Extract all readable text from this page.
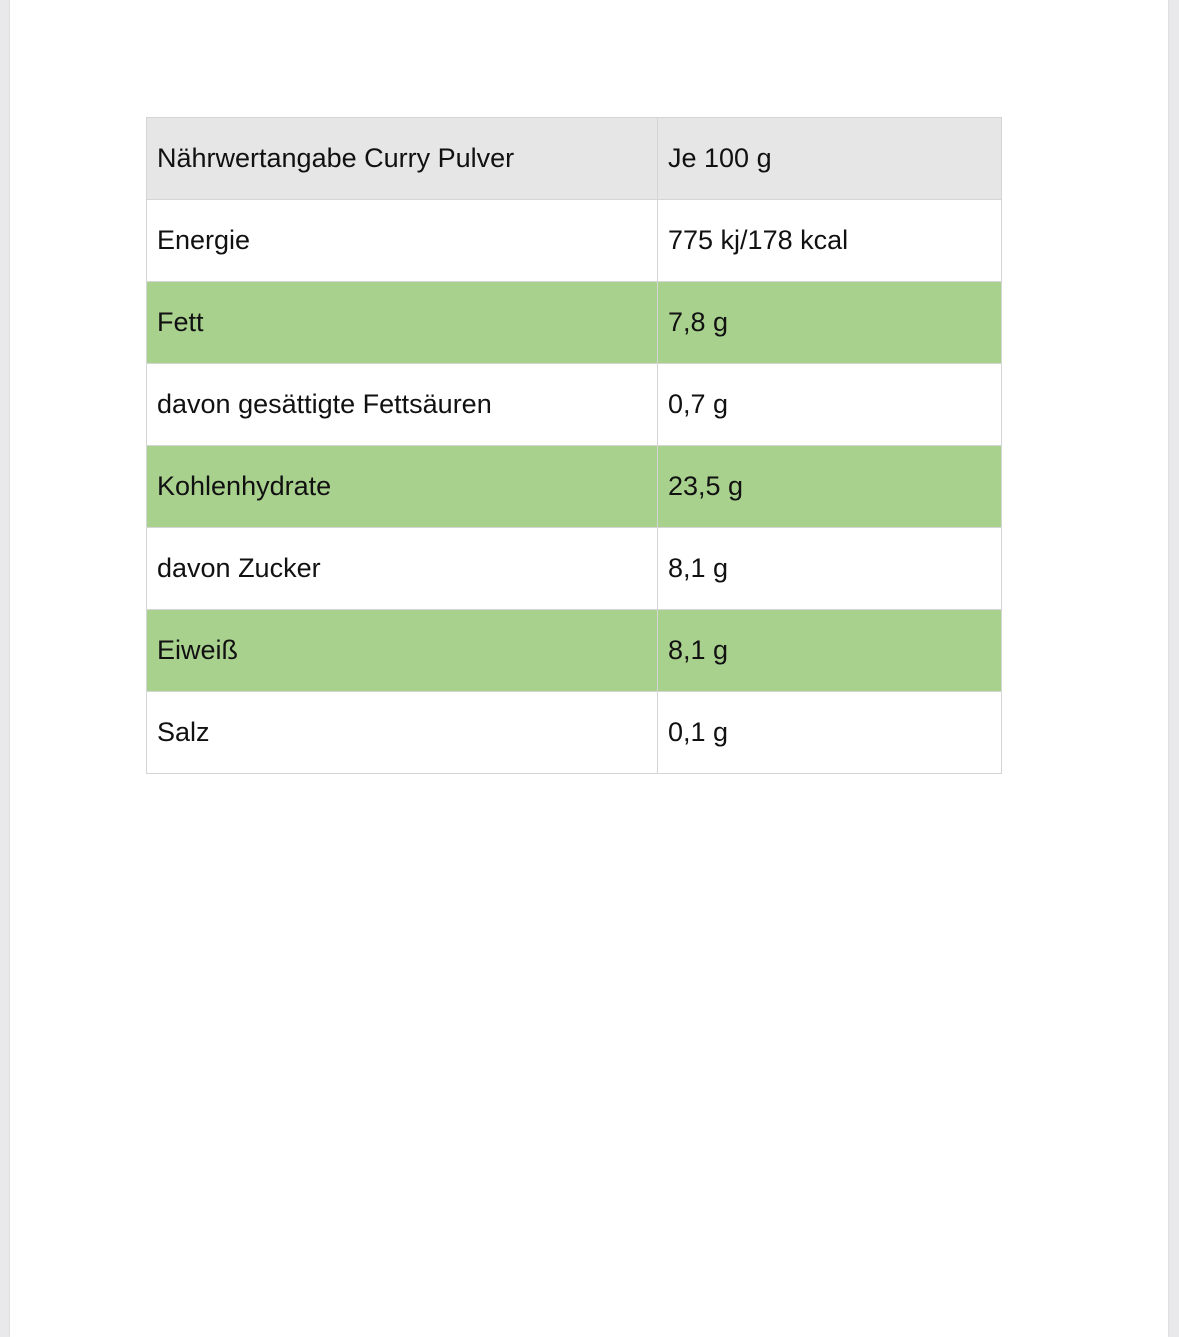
Nährwertangabe Curry Pulver	Je 100 g
Energie	775 kj/178 kcal
Fett	7,8 g
davon gesättigte Fettsäuren	0,7 g
Kohlenhydrate	23,5 g
davon Zucker	8,1 g
Eiweiß	8,1 g
Salz	0,1 g
